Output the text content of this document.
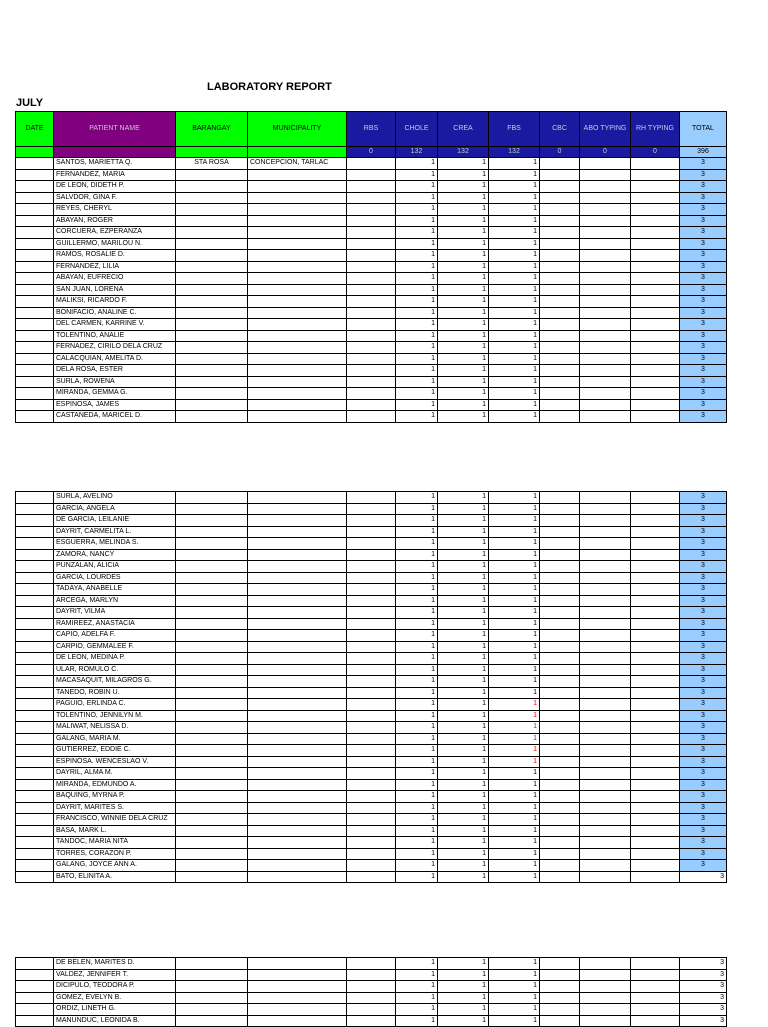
LABORATORY REPORT
JULY
DATE	PATIENT NAME	BARANGAY	MUNICIPALITY	RBS	CHOLE	CREA	FBS	CBC	ABO TYPING	RH TYPING	TOTAL
				0	132	132	132	0	0	0	396
	SANTOS, MARIETTA Q.	STA ROSA	CONCEPCION, TARLAC		1	1	1				3
	FERNANDEZ, MARIA				1	1	1				3
	DE LEON, DIDETH P.				1	1	1				3
	SALVDOR, GINA F.				1	1	1				3
	REYES, CHERYL				1	1	1				3
	ABAYAN, ROGER				1	1	1				3
	CORCUERA, EZPERANZA				1	1	1				3
	GUILLERMO, MARILOU N.				1	1	1				3
	RAMOS, ROSALIE D.				1	1	1				3
	FERNANDEZ, LILIA				1	1	1				3
	ABAYAN, EUFRECIO				1	1	1				3
	SAN JUAN, LORENA				1	1	1				3
	MALIKSI, RICARDO F.				1	1	1				3
	BONIFACIO, ANALINE C.				1	1	1				3
	DEL CARMEN, KARRINE V.				1	1	1				3
	TOLENTINO, ANALIE				1	1	1				3
	FERNADEZ, CIRILO DELA CRUZ				1	1	1				3
	CALACQUIAN, AMELITA D.				1	1	1				3
	DELA ROSA, ESTER				1	1	1				3
	SURLA, ROWENA				1	1	1				3
	MIRANDA, GEMMA G.				1	1	1				3
	ESPINOSA, JAMES				1	1	1				3
	CASTANEDA, MARICEL D.				1	1	1				3
	SURLA, AVELINO				1	1	1				3
	GARCIA, ANGELA				1	1	1				3
	DE GARCIA, LEILANIE				1	1	1				3
	DAYRIT, CARMELITA L.				1	1	1				3
	ESGUERRA, MELINDA S.				1	1	1				3
	ZAMORA, NANCY				1	1	1				3
	PUNZALAN, ALICIA				1	1	1				3
	GARCIA, LOURDES				1	1	1				3
	TADAYA, ANABELLE				1	1	1				3
	ARCEGA, MARLYN				1	1	1				3
	DAYRIT, VILMA				1	1	1				3
	RAMIREEZ, ANASTACIA				1	1	1				3
	CAPIO, ADELFA F.				1	1	1				3
	CARPIO, GEMMALEE F.				1	1	1				3
	DE LEON, MEDINA P.				1	1	1				3
	ULAR, ROMULO C.				1	1	1				3
	MACASAQUIT, MILAGROS G.				1	1	1				3
	TANEDO, ROBIN U.				1	1	1				3
	PAGUIO, ERLINDA C.				1	1	1				3
	TOLENTINO, JENNILYN M.				1	1	1				3
	MALIWAT, NELISSA D.				1	1	1				3
	GALANG, MARIA M.				1	1	1				3
	GUTIERREZ, EDDIE C.				1	1	1				3
	ESPINOSA. WENCESLAO V.				1	1	1				3
	DAYRIL, ALMA M.				1	1	1				3
	MIRANDA, EDMUNDO A.				1	1	1				3
	BAQUING, MYRNA P.				1	1	1				3
	DAYRIT, MARITES S.				1	1	1				3
	FRANCISCO, WINNIE DELA CRUZ				1	1	1				3
	BASA, MARK L.				1	1	1				3
	TANDOC, MARIA NITA				1	1	1				3
	TORRES, CORAZON P.				1	1	1				3
	GALANG, JOYCE ANN A.				1	1	1				3
	BATO, ELINITA A.				1	1	1				3
	DE BELEN, MARITES D.				1	1	1				3
	VALDEZ, JENNIFER T.				1	1	1				3
	DICIPULO, TEODORA P.				1	1	1				3
	GOMEZ, EVELYN B.				1	1	1				3
	ORDIZ, LINETH G.				1	1	1				3
	MANUNDUC, LEONIDA B.				1	1	1				3
